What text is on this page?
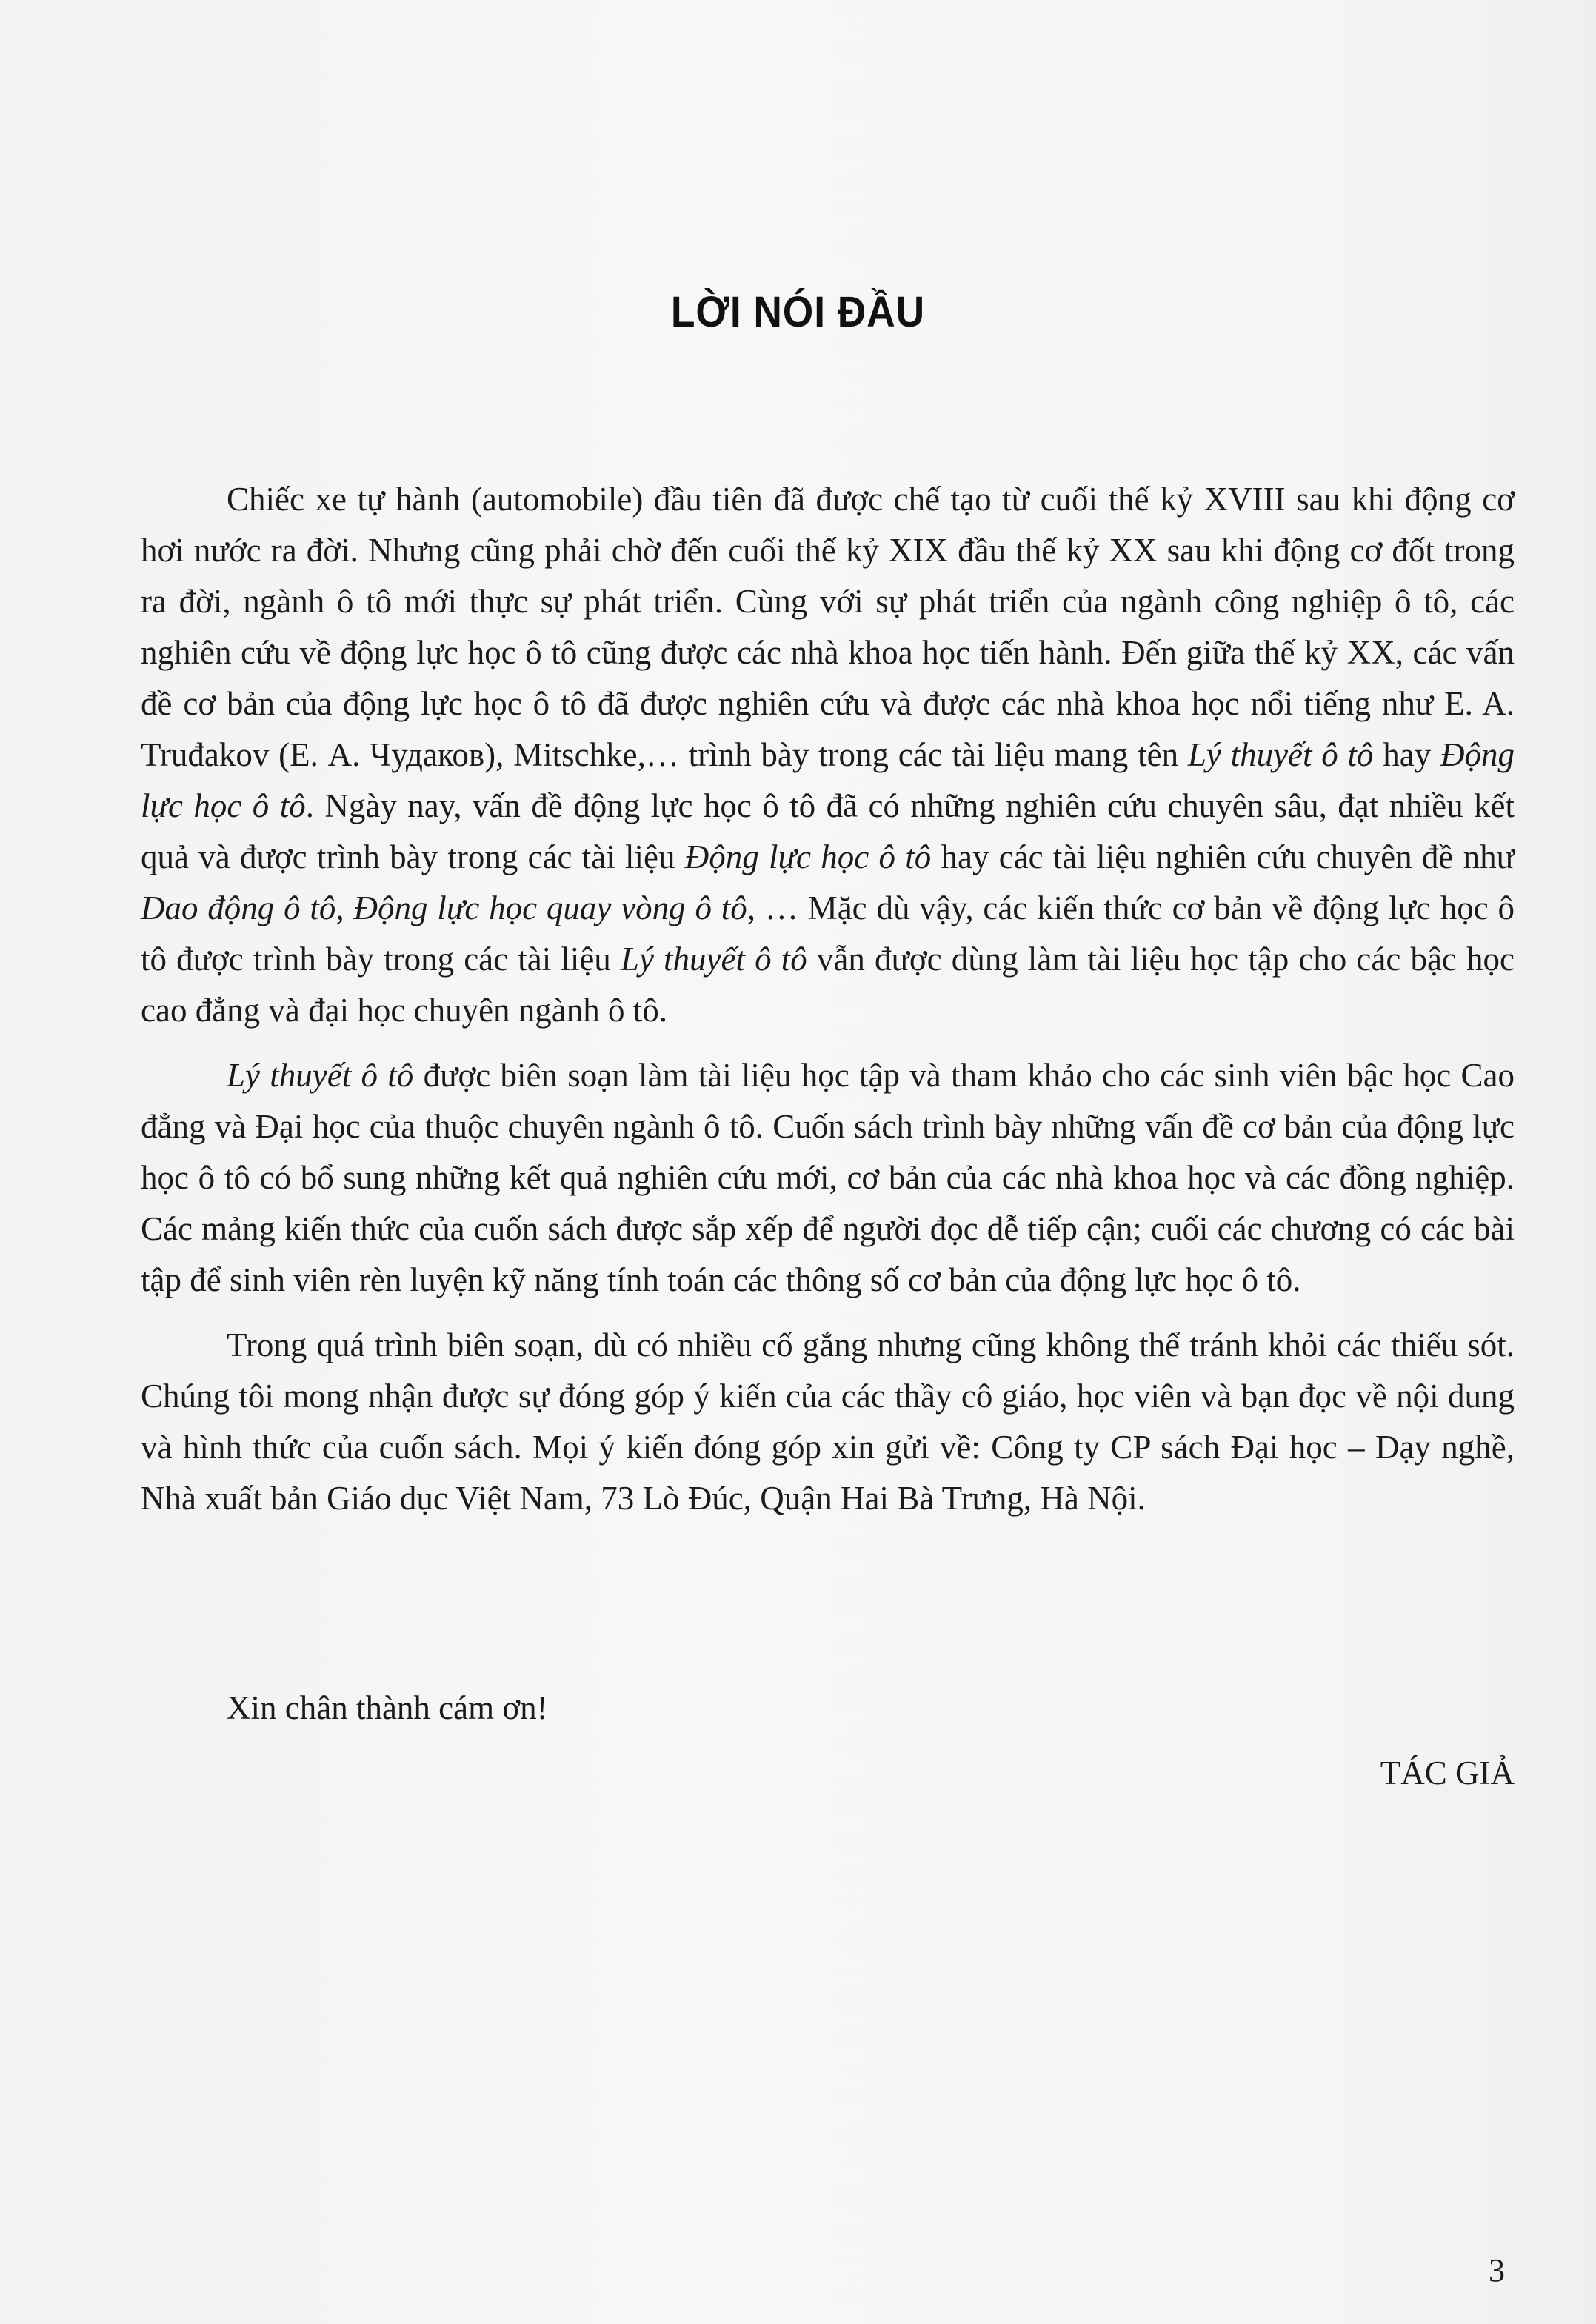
LỜI NÓI ĐẦU

Chiếc xe tự hành (automobile) đầu tiên đã được chế tạo từ cuối thế kỷ XVIII sau khi động cơ hơi nước ra đời. Nhưng cũng phải chờ đến cuối thế kỷ XIX đầu thế kỷ XX sau khi động cơ đốt trong ra đời, ngành ô tô mới thực sự phát triển. Cùng với sự phát triển của ngành công nghiệp ô tô, các nghiên cứu về động lực học ô tô cũng được các nhà khoa học tiến hành. Đến giữa thế kỷ XX, các vấn đề cơ bản của động lực học ô tô đã được nghiên cứu và được các nhà khoa học nổi tiếng như E. A. Truđakov (Е. А. Чудаков), Mitschke,… trình bày trong các tài liệu mang tên Lý thuyết ô tô hay Động lực học ô tô. Ngày nay, vấn đề động lực học ô tô đã có những nghiên cứu chuyên sâu, đạt nhiều kết quả và được trình bày trong các tài liệu Động lực học ô tô hay các tài liệu nghiên cứu chuyên đề như Dao động ô tô, Động lực học quay vòng ô tô, … Mặc dù vậy, các kiến thức cơ bản về động lực học ô tô được trình bày trong các tài liệu Lý thuyết ô tô vẫn được dùng làm tài liệu học tập cho các bậc học cao đẳng và đại học chuyên ngành ô tô.

Lý thuyết ô tô được biên soạn làm tài liệu học tập và tham khảo cho các sinh viên bậc học Cao đẳng và Đại học của thuộc chuyên ngành ô tô. Cuốn sách trình bày những vấn đề cơ bản của động lực học ô tô có bổ sung những kết quả nghiên cứu mới, cơ bản của các nhà khoa học và các đồng nghiệp. Các mảng kiến thức của cuốn sách được sắp xếp để người đọc dễ tiếp cận; cuối các chương có các bài tập để sinh viên rèn luyện kỹ năng tính toán các thông số cơ bản của động lực học ô tô.

Trong quá trình biên soạn, dù có nhiều cố gắng nhưng cũng không thể tránh khỏi các thiếu sót. Chúng tôi mong nhận được sự đóng góp ý kiến của các thầy cô giáo, học viên và bạn đọc về nội dung và hình thức của cuốn sách. Mọi ý kiến đóng góp xin gửi về: Công ty CP sách Đại học – Dạy nghề, Nhà xuất bản Giáo dục Việt Nam, 73 Lò Đúc, Quận Hai Bà Trưng, Hà Nội.

Xin chân thành cám ơn!
TÁC GIẢ
3
